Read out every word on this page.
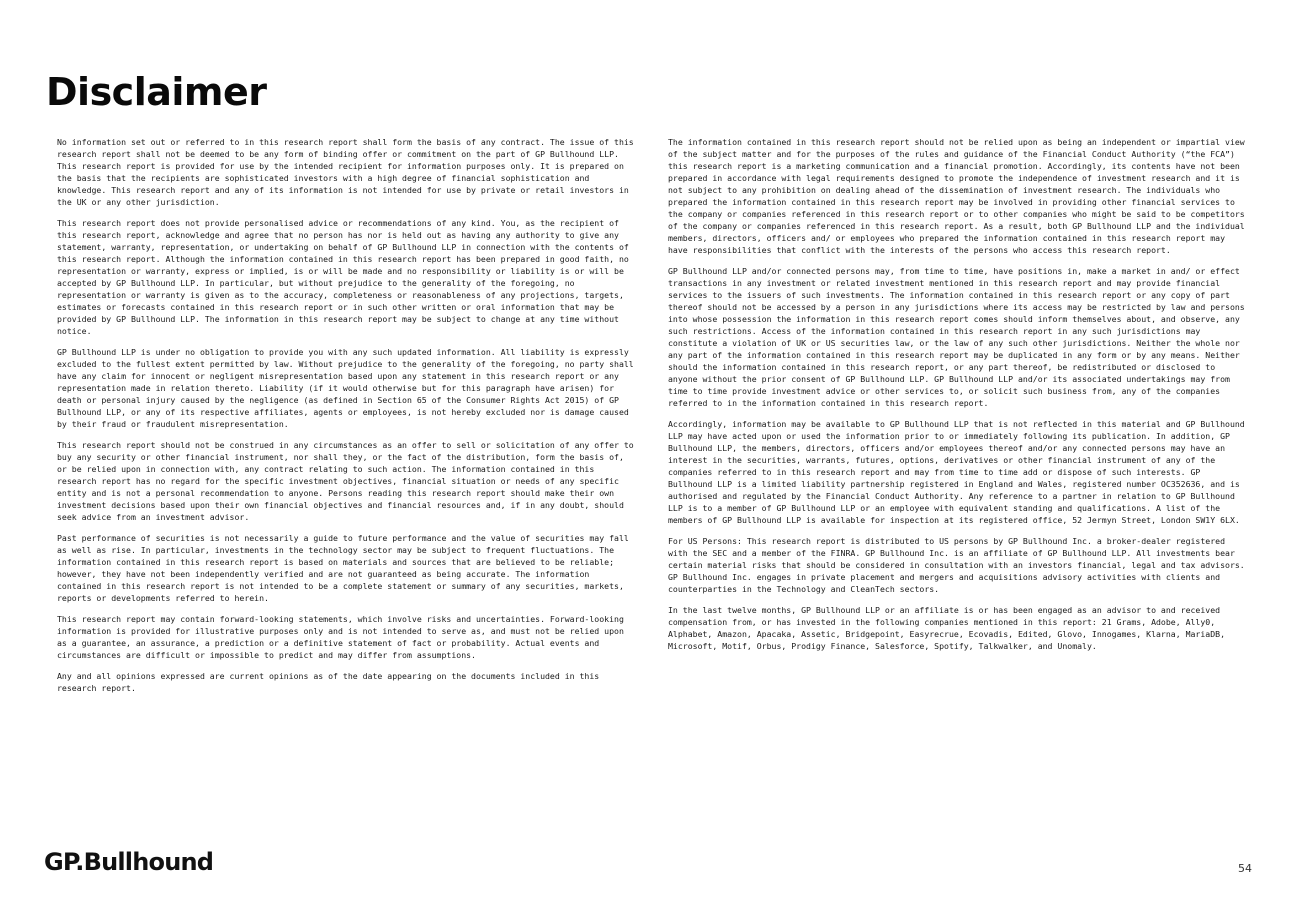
Disclaimer

No information set out or referred to in this research report shall form the basis of any contract. The issue of this research report shall not be deemed to be any form of binding offer or commitment on the part of GP Bullhound LLP. This research report is provided for use by the intended recipient for information purposes only. It is prepared on the basis that the recipients are sophisticated investors with a high degree of financial sophistication and knowledge. This research report and any of its information is not intended for use by private or retail investors in the UK or any other jurisdiction.

This research report does not provide personalised advice or recommendations of any kind. You, as the recipient of this research report, acknowledge and agree that no person has nor is held out as having any authority to give any statement, warranty, representation, or undertaking on behalf of GP Bullhound LLP in connection with the contents of this research report. Although the information contained in this research report has been prepared in good faith, no representation or warranty, express or implied, is or will be made and no responsibility or liability is or will be accepted by GP Bullhound LLP. In particular, but without prejudice to the generality of the foregoing, no representation or warranty is given as to the accuracy, completeness or reasonableness of any projections, targets, estimates or forecasts contained in this research report or in such other written or oral information that may be provided by GP Bullhound LLP. The information in this research report may be subject to change at any time without notice.

GP Bullhound LLP is under no obligation to provide you with any such updated information. All liability is expressly excluded to the fullest extent permitted by law. Without prejudice to the generality of the foregoing, no party shall have any claim for innocent or negligent misrepresentation based upon any statement in this research report or any representation made in relation thereto. Liability (if it would otherwise but for this paragraph have arisen) for death or personal injury caused by the negligence (as defined in Section 65 of the Consumer Rights Act 2015) of GP Bullhound LLP, or any of its respective affiliates, agents or employees, is not hereby excluded nor is damage caused by their fraud or fraudulent misrepresentation.

This research report should not be construed in any circumstances as an offer to sell or solicitation of any offer to buy any security or other financial instrument, nor shall they, or the fact of the distribution, form the basis of, or be relied upon in connection with, any contract relating to such action. The information contained in this research report has no regard for the specific investment objectives, financial situation or needs of any specific entity and is not a personal recommendation to anyone. Persons reading this research report should make their own investment decisions based upon their own financial objectives and financial resources and, if in any doubt, should seek advice from an investment advisor.

Past performance of securities is not necessarily a guide to future performance and the value of securities may fall as well as rise. In particular, investments in the technology sector may be subject to frequent fluctuations. The information contained in this research report is based on materials and sources that are believed to be reliable; however, they have not been independently verified and are not guaranteed as being accurate. The information contained in this research report is not intended to be a complete statement or summary of any securities, markets, reports or developments referred to herein.

This research report may contain forward-looking statements, which involve risks and uncertainties. Forward-looking information is provided for illustrative purposes only and is not intended to serve as, and must not be relied upon as a guarantee, an assurance, a prediction or a definitive statement of fact or probability. Actual events and circumstances are difficult or impossible to predict and may differ from assumptions.

Any and all opinions expressed are current opinions as of the date appearing on the documents included in this research report.

The information contained in this research report should not be relied upon as being an independent or impartial view of the subject matter and for the purposes of the rules and guidance of the Financial Conduct Authority (“the FCA”) this research report is a marketing communication and a financial promotion. Accordingly, its contents have not been prepared in accordance with legal requirements designed to promote the independence of investment research and it is not subject to any prohibition on dealing ahead of the dissemination of investment research. The individuals who prepared the information contained in this research report may be involved in providing other financial services to the company or companies referenced in this research report or to other companies who might be said to be competitors of the company or companies referenced in this research report. As a result, both GP Bullhound LLP and the individual members, directors, officers and/ or employees who prepared the information contained in this research report may have responsibilities that conflict with the interests of the persons who access this research report.

GP Bullhound LLP and/or connected persons may, from time to time, have positions in, make a market in and/ or effect transactions in any investment or related investment mentioned in this research report and may provide financial services to the issuers of such investments. The information contained in this research report or any copy of part thereof should not be accessed by a person in any jurisdictions where its access may be restricted by law and persons into whose possession the information in this research report comes should inform themselves about, and observe, any such restrictions. Access of the information contained in this research report in any such jurisdictions may constitute a violation of UK or US securities law, or the law of any such other jurisdictions. Neither the whole nor any part of the information contained in this research report may be duplicated in any form or by any means. Neither should the information contained in this research report, or any part thereof, be redistributed or disclosed to anyone without the prior consent of GP Bullhound LLP. GP Bullhound LLP and/or its associated undertakings may from time to time provide investment advice or other services to, or solicit such business from, any of the companies referred to in the information contained in this research report.

Accordingly, information may be available to GP Bullhound LLP that is not reflected in this material and GP Bullhound LLP may have acted upon or used the information prior to or immediately following its publication. In addition, GP Bullhound LLP, the members, directors, officers and/or employees thereof and/or any connected persons may have an interest in the securities, warrants, futures, options, derivatives or other financial instrument of any of the companies referred to in this research report and may from time to time add or dispose of such interests. GP Bullhound LLP is a limited liability partnership registered in England and Wales, registered number OC352636, and is authorised and regulated by the Financial Conduct Authority. Any reference to a partner in relation to GP Bullhound LLP is to a member of GP Bullhound LLP or an employee with equivalent standing and qualifications. A list of the members of GP Bullhound LLP is available for inspection at its registered office, 52 Jermyn Street, London SW1Y 6LX.

For US Persons: This research report is distributed to US persons by GP Bullhound Inc. a broker-dealer registered with the SEC and a member of the FINRA. GP Bullhound Inc. is an affiliate of GP Bullhound LLP. All investments bear certain material risks that should be considered in consultation with an investors financial, legal and tax advisors. GP Bullhound Inc. engages in private placement and mergers and acquisitions advisory activities with clients and counterparties in the Technology and CleanTech sectors.

In the last twelve months, GP Bullhound LLP or an affiliate is or has been engaged as an advisor to and received compensation from, or has invested in the following companies mentioned in this report: 21 Grams, Adobe, Ally0, Alphabet, Amazon, Apacaka, Assetic, Bridgepoint, Easyrecrue, Ecovadis, Edited, Glovo, Innogames, Klarna, MariaDB, Microsoft, Motif, Orbus, Prodigy Finance, Salesforce, Spotify, Talkwalker, and Unomaly.

GP.Bullhound	54
